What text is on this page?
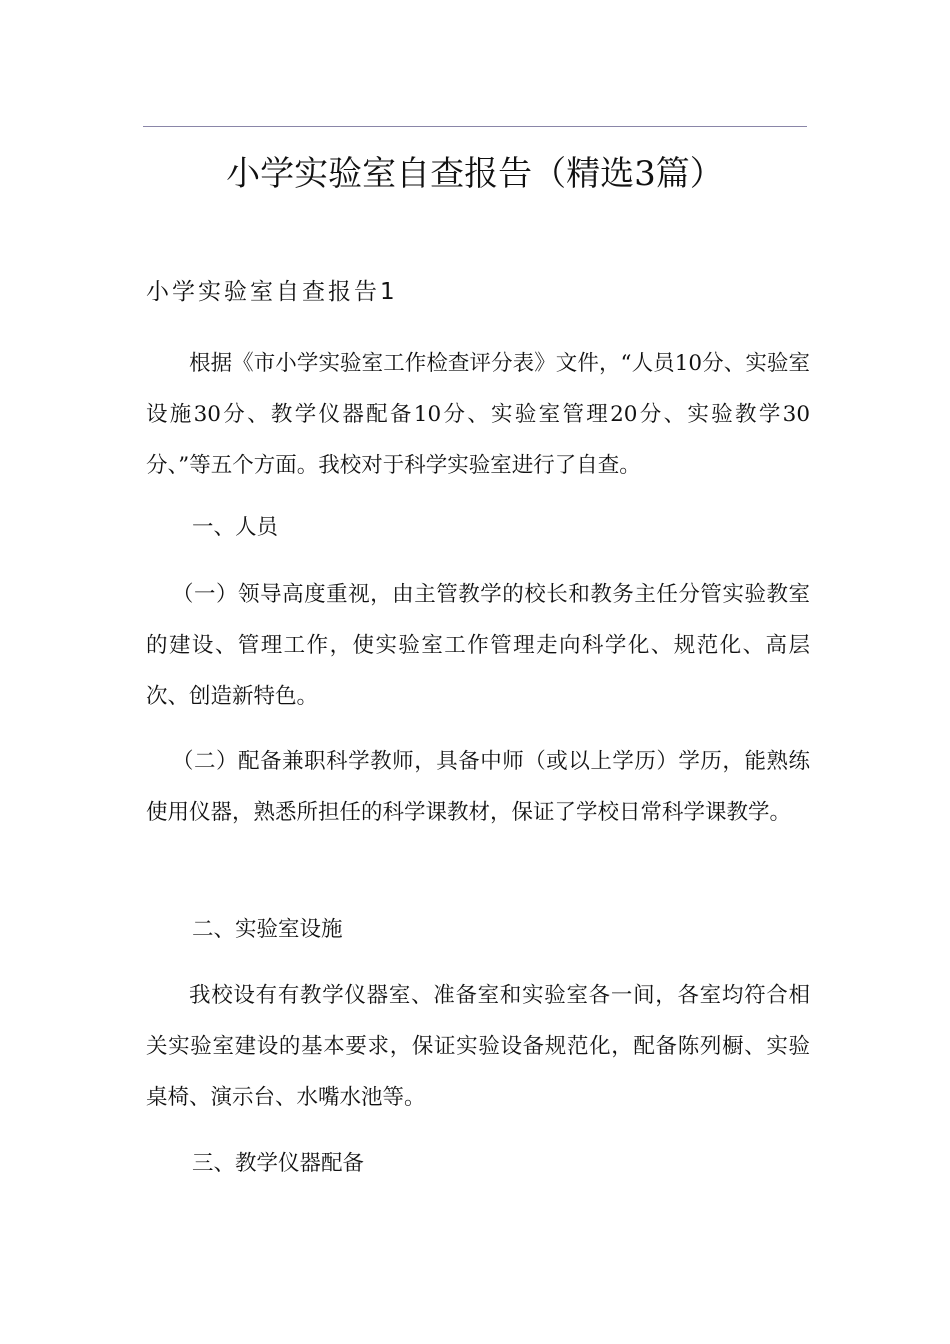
小学实验室自查报告（精选3篇）
小学实验室自查报告1

根据《市小学实验室工作检查评分表》文件，“人员10分、实验室设施30分、教学仪器配备10分、实验室管理20分、实验教学30分、”等五个方面。我校对于科学实验室进行了自查。

一、人员

（一）领导高度重视，由主管教学的校长和教务主任分管实验教室的建设、管理工作，使实验室工作管理走向科学化、规范化、高层次、创造新特色。

（二）配备兼职科学教师，具备中师（或以上学历）学历，能熟练使用仪器，熟悉所担任的科学课教材，保证了学校日常科学课教学。

二、实验室设施

我校设有有教学仪器室、准备室和实验室各一间，各室均符合相关实验室建设的基本要求，保证实验设备规范化，配备陈列橱、实验桌椅、演示台、水嘴水池等。

三、教学仪器配备
